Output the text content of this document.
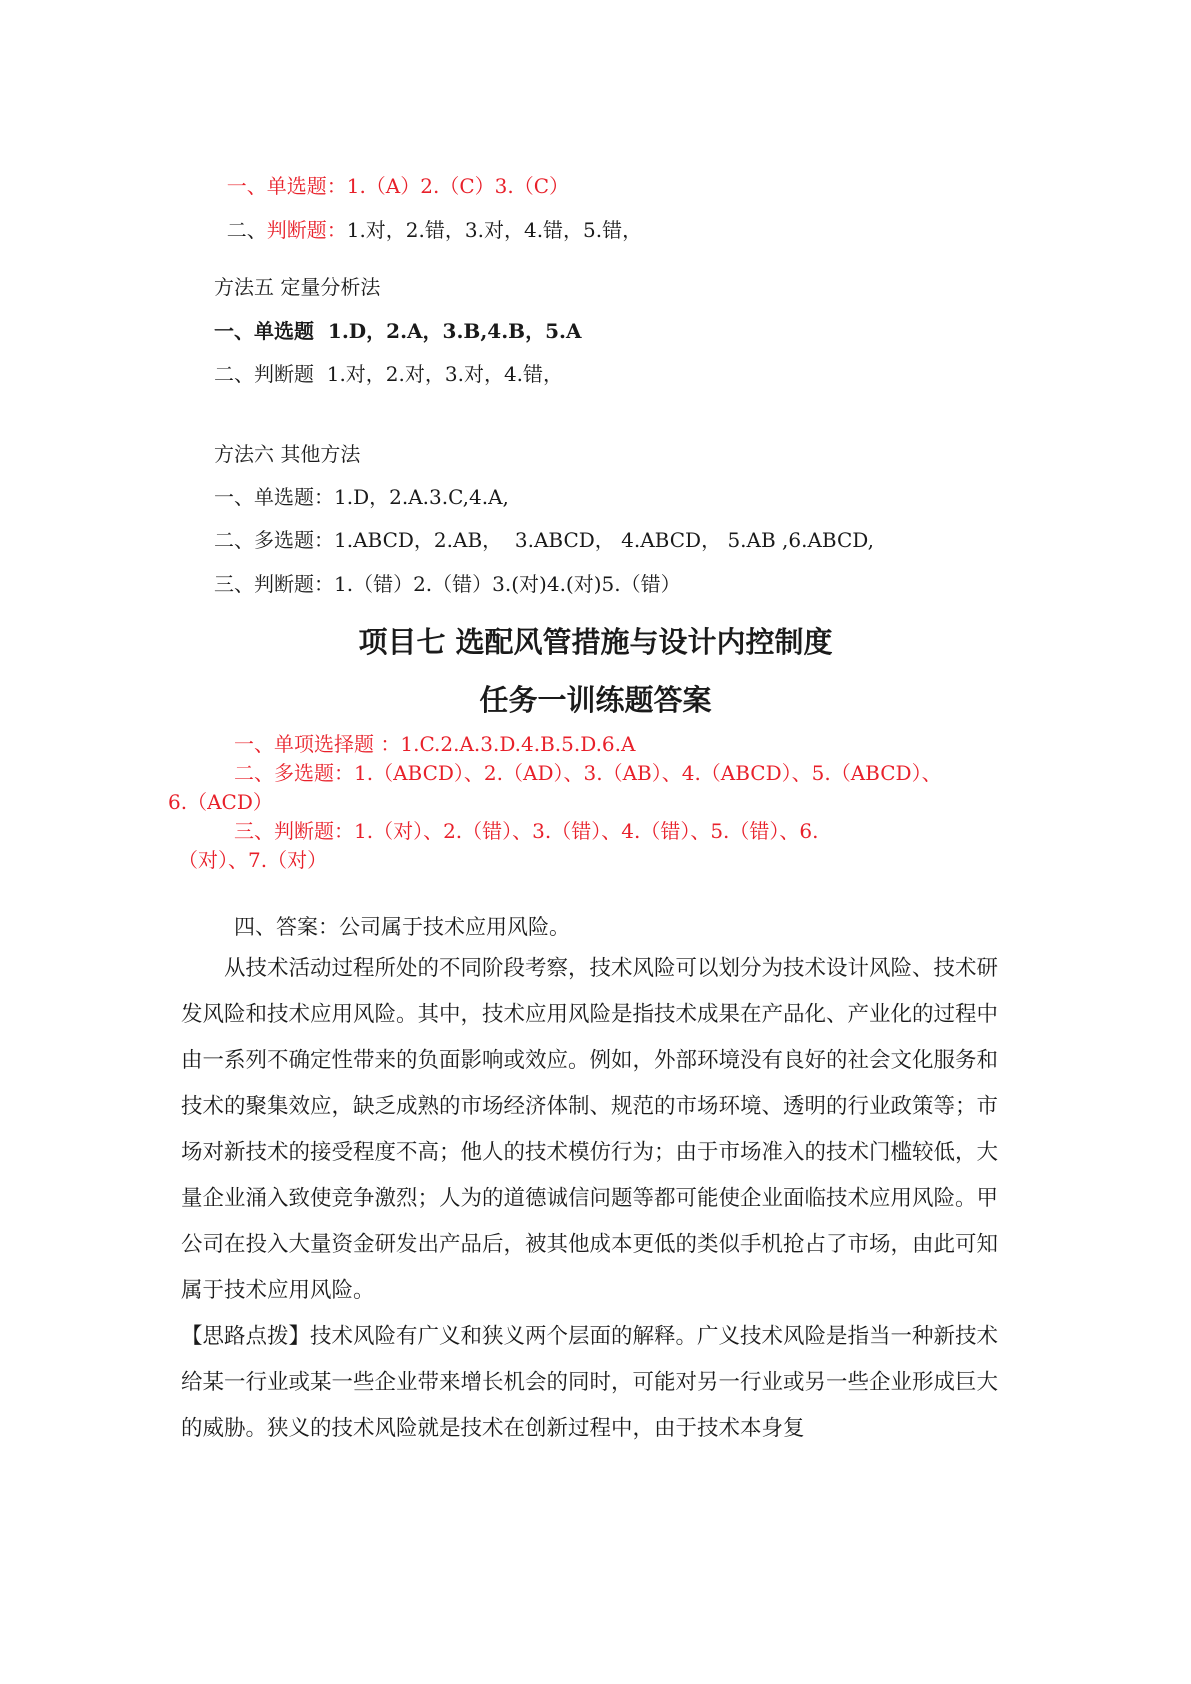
一、单选题：1.（A）2.（C）3.（C）

二、判断题：1.对，2.错，3.对，4.错，5.错，

方法五 定量分析法
一、单选题  1.D，2.A，3.B,4.B，5.A
二、判断题  1.对，2.对，3.对，4.错，
方法六 其他方法
一、单选题：1.D，2.A.3.C,4.A,
二、多选题：1.ABCD，2.AB，  3.ABCD， 4.ABCD， 5.AB ,6.ABCD,
三、判断题：1.（错）2.（错）3.(对)4.(对)5.（错）
项目七 选配风管措施与设计内控制度
任务一训练题答案
一、单项选择题 ：1.C.2.A.3.D.4.B.5.D.6.A
二、多选题：1.（ABCD）、2.（AD）、3.（AB）、4.（ABCD）、5.（ABCD）、
6.（ACD）
三、判断题：1.（对）、2.（错）、3.（错）、4.（错）、5.（错）、6.
（对）、7.（对）
四、答案：公司属于技术应用风险。

从技术活动过程所处的不同阶段考察，技术风险可以划分为技术设计风险、技术研发风险和技术应用风险。其中，技术应用风险是指技术成果在产品化、产业化的过程中由一系列不确定性带来的负面影响或效应。例如，外部环境没有良好的社会文化服务和技术的聚集效应，缺乏成熟的市场经济体制、规范的市场环境、透明的行业政策等；市场对新技术的接受程度不高；他人的技术模仿行为；由于市场准入的技术门槛较低，大量企业涌入致使竞争激烈；人为的道德诚信问题等都可能使企业面临技术应用风险。甲公司在投入大量资金研发出产品后，被其他成本更低的类似手机抢占了市场，由此可知属于技术应用风险。

【思路点拨】技术风险有广义和狭义两个层面的解释。广义技术风险是指当一种新技术给某一行业或某一些企业带来增长机会的同时，可能对另一行业或另一些企业形成巨大的威胁。狭义的技术风险就是技术在创新过程中，由于技术本身复
